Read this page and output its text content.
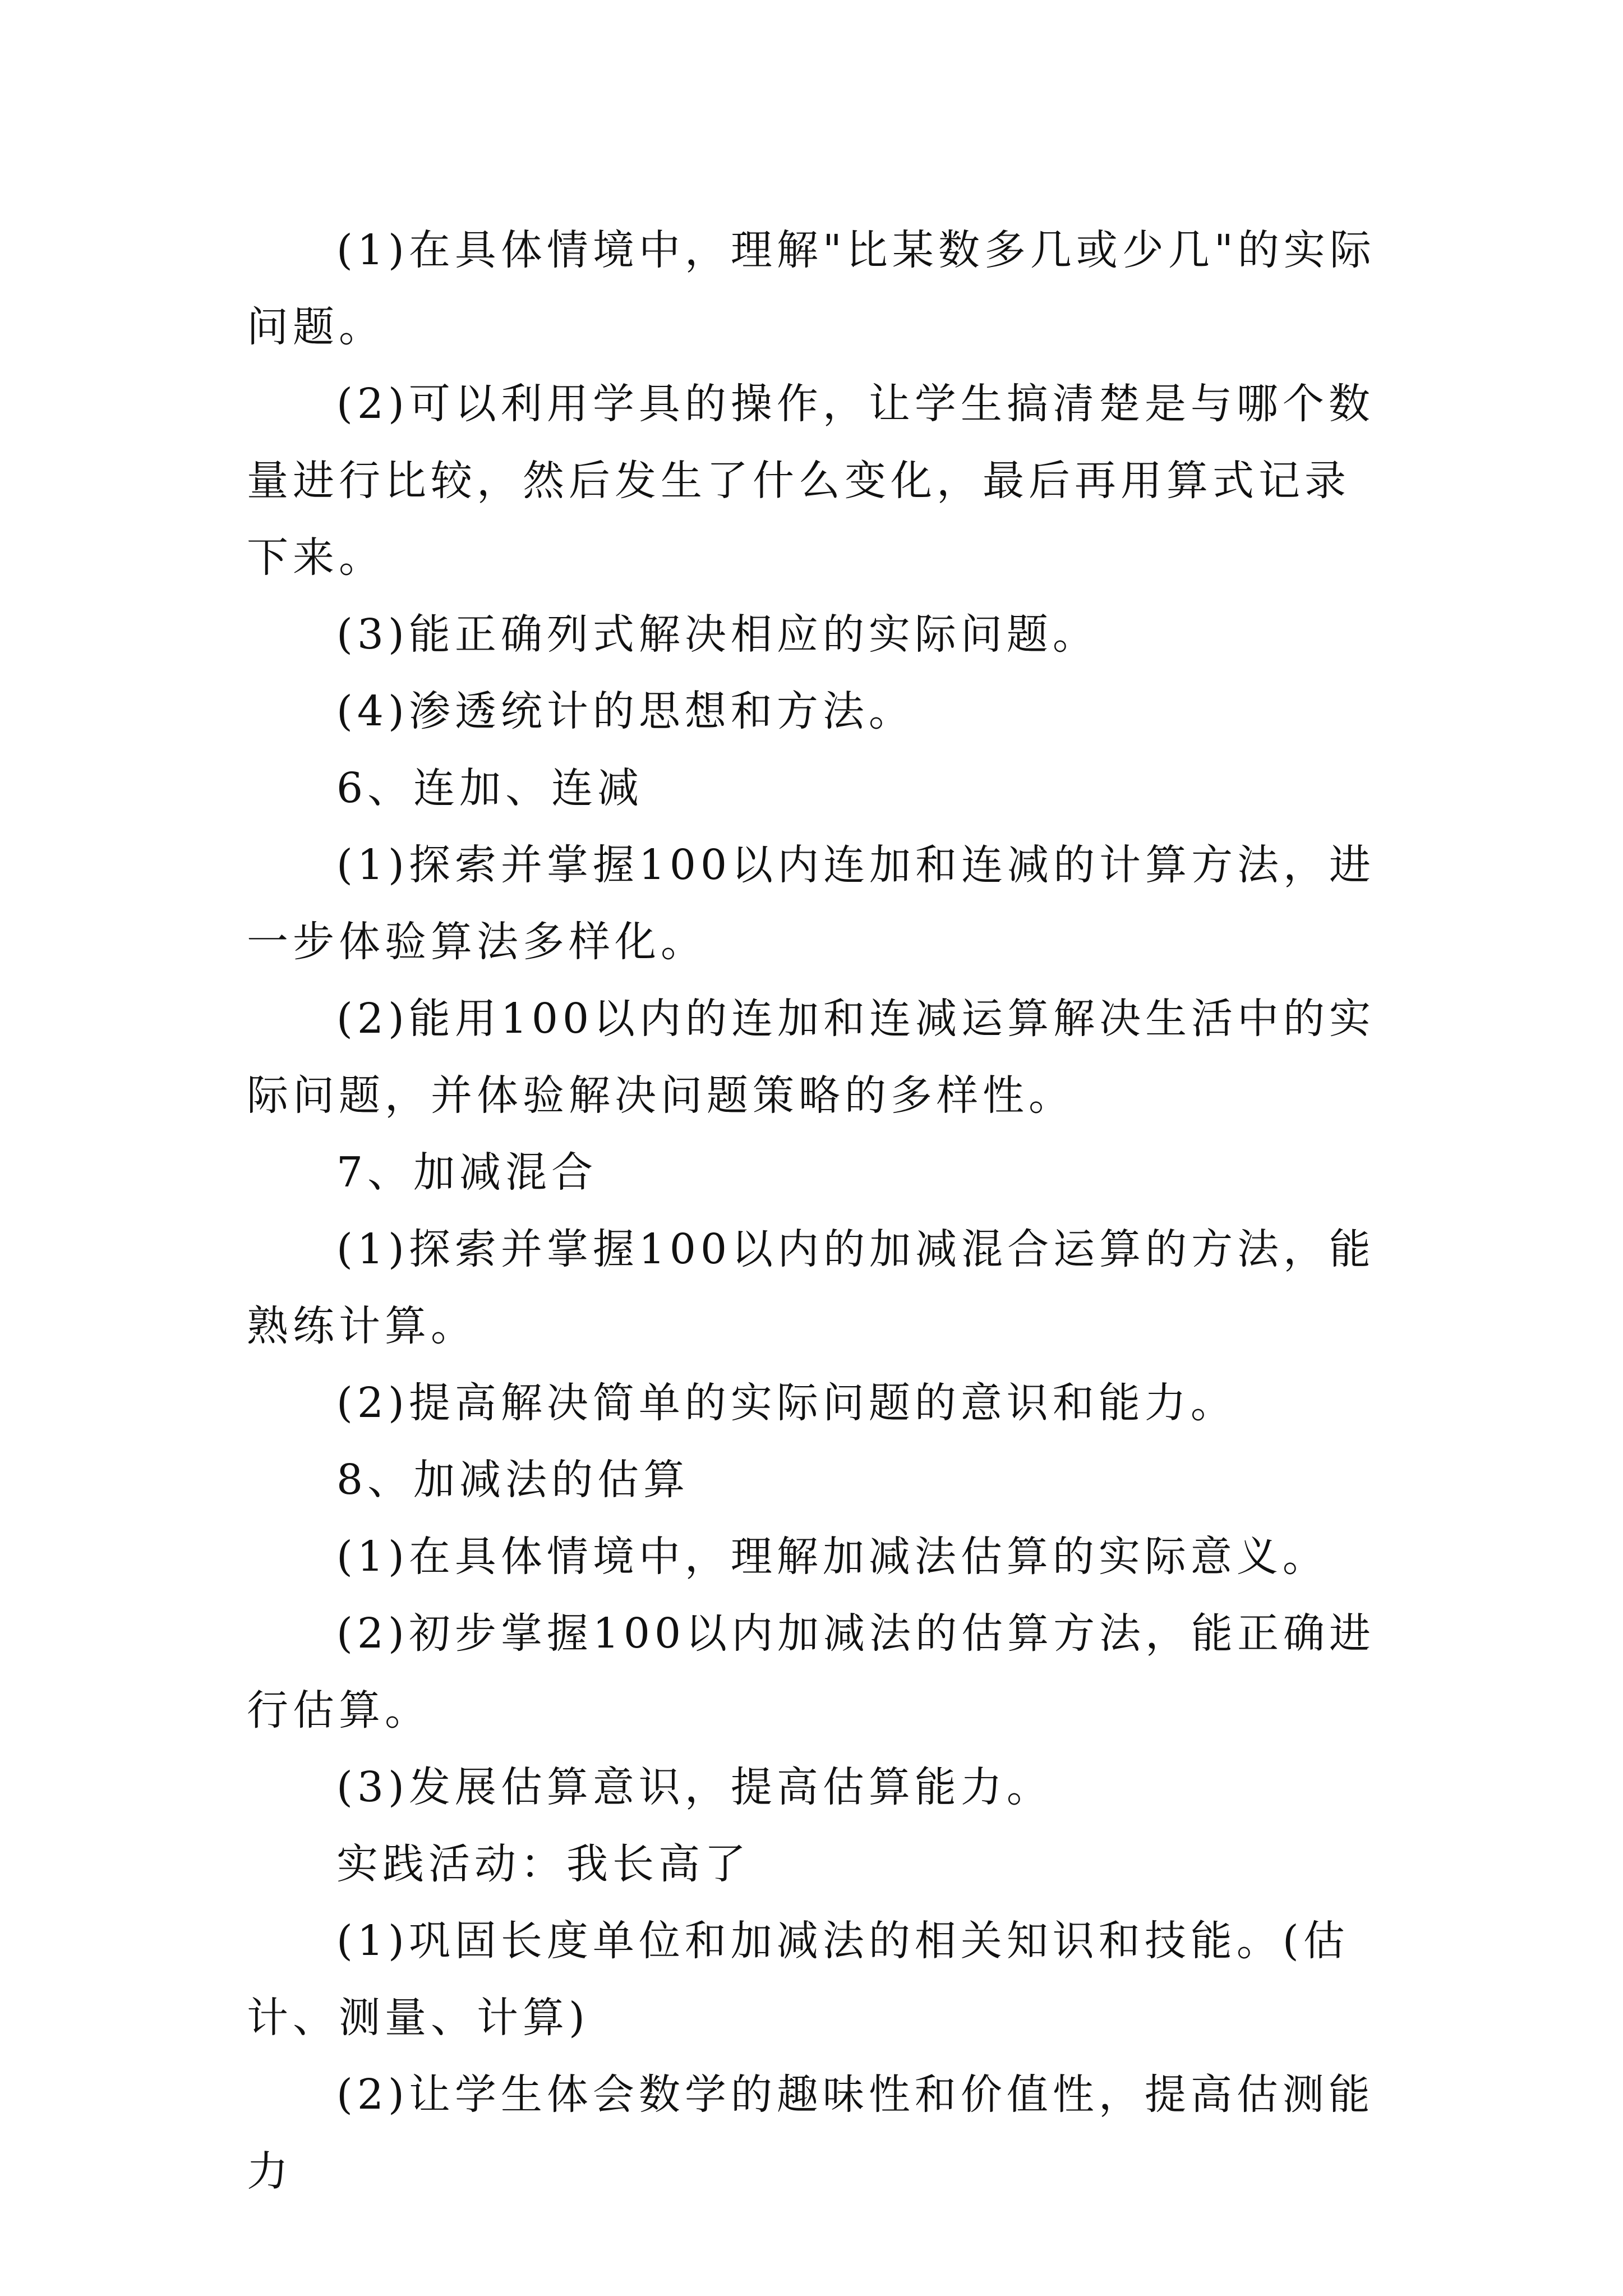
(1)在具体情境中，理解"比某数多几或少几"的实际问题。

(2)可以利用学具的操作，让学生搞清楚是与哪个数量进行比较，然后发生了什么变化，最后再用算式记录下来。

(3)能正确列式解决相应的实际问题。

(4)渗透统计的思想和方法。

6、连加、连减

(1)探索并掌握100以内连加和连减的计算方法，进一步体验算法多样化。

(2)能用100以内的连加和连减运算解决生活中的实际问题，并体验解决问题策略的多样性。

7、加减混合

(1)探索并掌握100以内的加减混合运算的方法，能熟练计算。

(2)提高解决简单的实际问题的意识和能力。

8、加减法的估算

(1)在具体情境中，理解加减法估算的实际意义。

(2)初步掌握100以内加减法的估算方法，能正确进行估算。

(3)发展估算意识，提高估算能力。

实践活动：我长高了

(1)巩固长度单位和加减法的相关知识和技能。(估计、测量、计算)

(2)让学生体会数学的趣味性和价值性，提高估测能力
